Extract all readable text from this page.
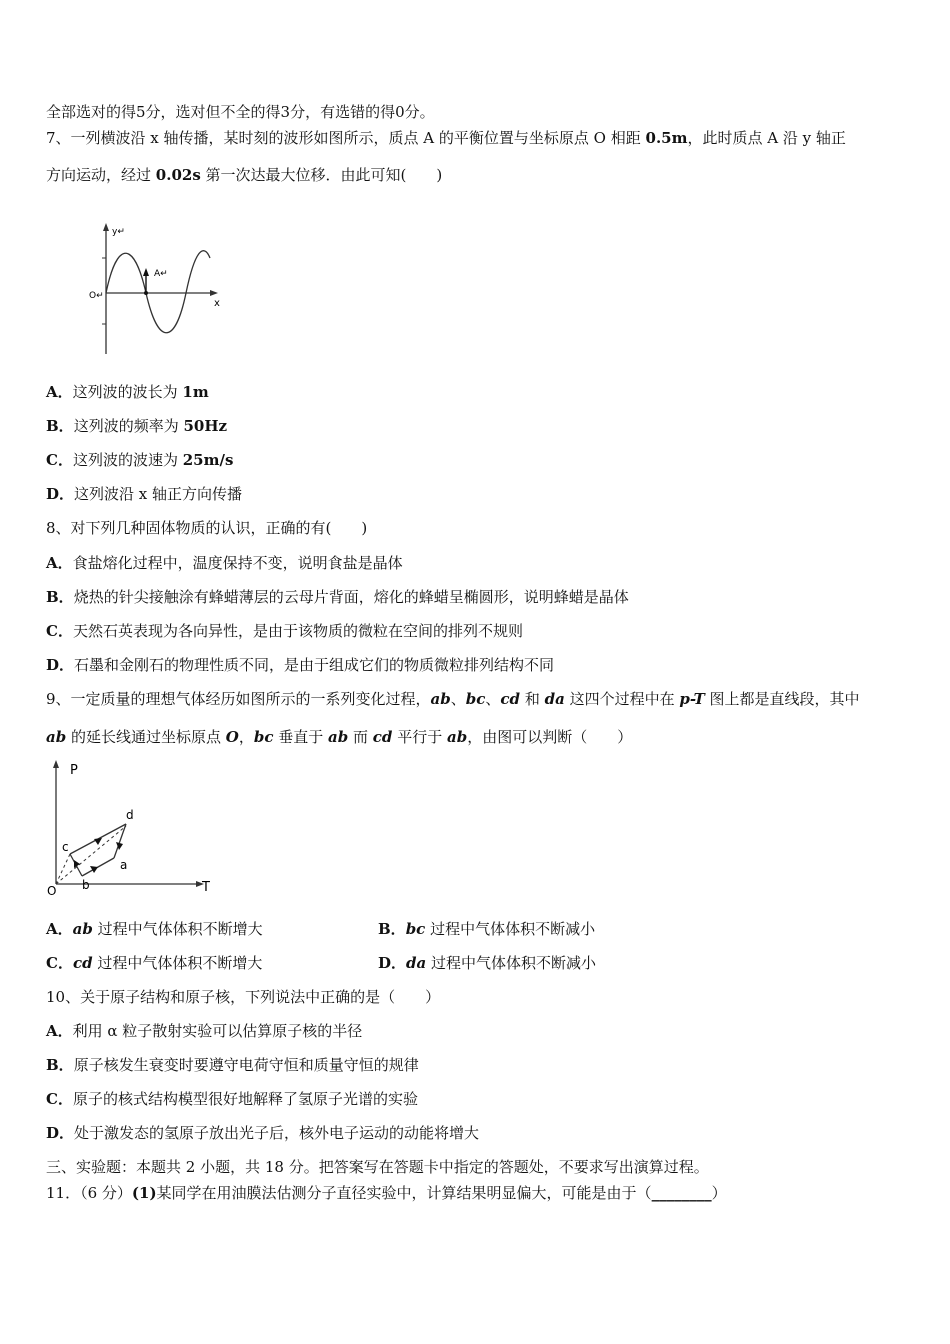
全部选对的得5分，选对但不全的得3分，有选错的得0分。
7、一列横波沿 x 轴传播，某时刻的波形如图所示，质点 A 的平衡位置与坐标原点 O 相距 0.5m，此时质点 A 沿 y 轴正
方向运动，经过 0.02s 第一次达最大位移．由此可知(　　)
y↵
O↵
x
A↵
A．这列波的波长为 1m
B．这列波的频率为 50Hz
C．这列波的波速为 25m/s
D．这列波沿 x 轴正方向传播
8、对下列几种固体物质的认识，正确的有(　　)
A．食盐熔化过程中，温度保持不变，说明食盐是晶体
B．烧热的针尖接触涂有蜂蜡薄层的云母片背面，熔化的蜂蜡呈椭圆形，说明蜂蜡是晶体
C．天然石英表现为各向异性，是由于该物质的微粒在空间的排列不规则
D．石墨和金刚石的物理性质不同，是由于组成它们的物质微粒排列结构不同
9、一定质量的理想气体经历如图所示的一系列变化过程，ab、bc、cd 和 da 这四个过程中在 p-T 图上都是直线段，其中
ab 的延长线通过坐标原点 O，bc 垂直于 ab 而 cd 平行于 ab，由图可以判断（　　）
P
T
O
a
b
c
d
A．ab 过程中气体体积不断增大	B．bc 过程中气体体积不断减小
C．cd 过程中气体体积不断增大	D．da 过程中气体体积不断减小
10、关于原子结构和原子核，下列说法中正确的是（　　）
A．利用 α 粒子散射实验可以估算原子核的半径
B．原子核发生衰变时要遵守电荷守恒和质量守恒的规律
C．原子的核式结构模型很好地解释了氢原子光谱的实验
D．处于激发态的氢原子放出光子后，核外电子运动的动能将增大
三、实验题：本题共 2 小题，共 18 分。把答案写在答题卡中指定的答题处，不要求写出演算过程。
11．（6 分）(1)某同学在用油膜法估测分子直径实验中，计算结果明显偏大，可能是由于（________）
